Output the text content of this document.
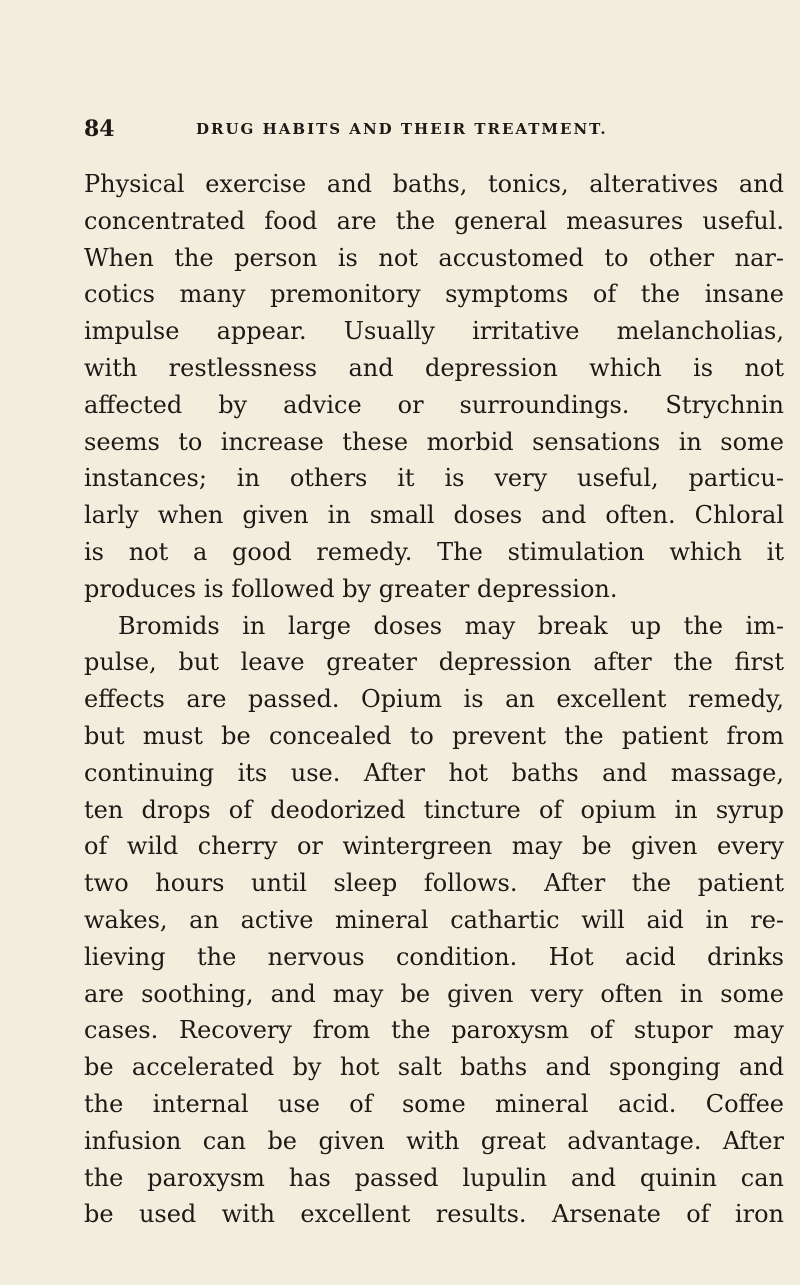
84	DRUG HABITS AND THEIR TREATMENT.
Physical exercise and baths, tonics, alteratives and
concentrated food are the general measures useful.
When the person is not accustomed to other nar-
cotics many premonitory symptoms of the insane
impulse appear. Usually irritative melancholias,
with restlessness and depression which is not
affected by advice or surroundings. Strychnin
seems to increase these morbid sensations in some
instances; in others it is very useful, particu-
larly when given in small doses and often. Chloral
is not a good remedy. The stimulation which it
produces is followed by greater depression.
Bromids in large doses may break up the im-
pulse, but leave greater depression after the first
effects are passed. Opium is an excellent remedy,
but must be concealed to prevent the patient from
continuing its use. After hot baths and massage,
ten drops of deodorized tincture of opium in syrup
of wild cherry or wintergreen may be given every
two hours until sleep follows. After the patient
wakes, an active mineral cathartic will aid in re-
lieving the nervous condition. Hot acid drinks
are soothing, and may be given very often in some
cases. Recovery from the paroxysm of stupor may
be accelerated by hot salt baths and sponging and
the internal use of some mineral acid. Coffee
infusion can be given with great advantage. After
the paroxysm has passed lupulin and quinin can
be used with excellent results. Arsenate of iron
